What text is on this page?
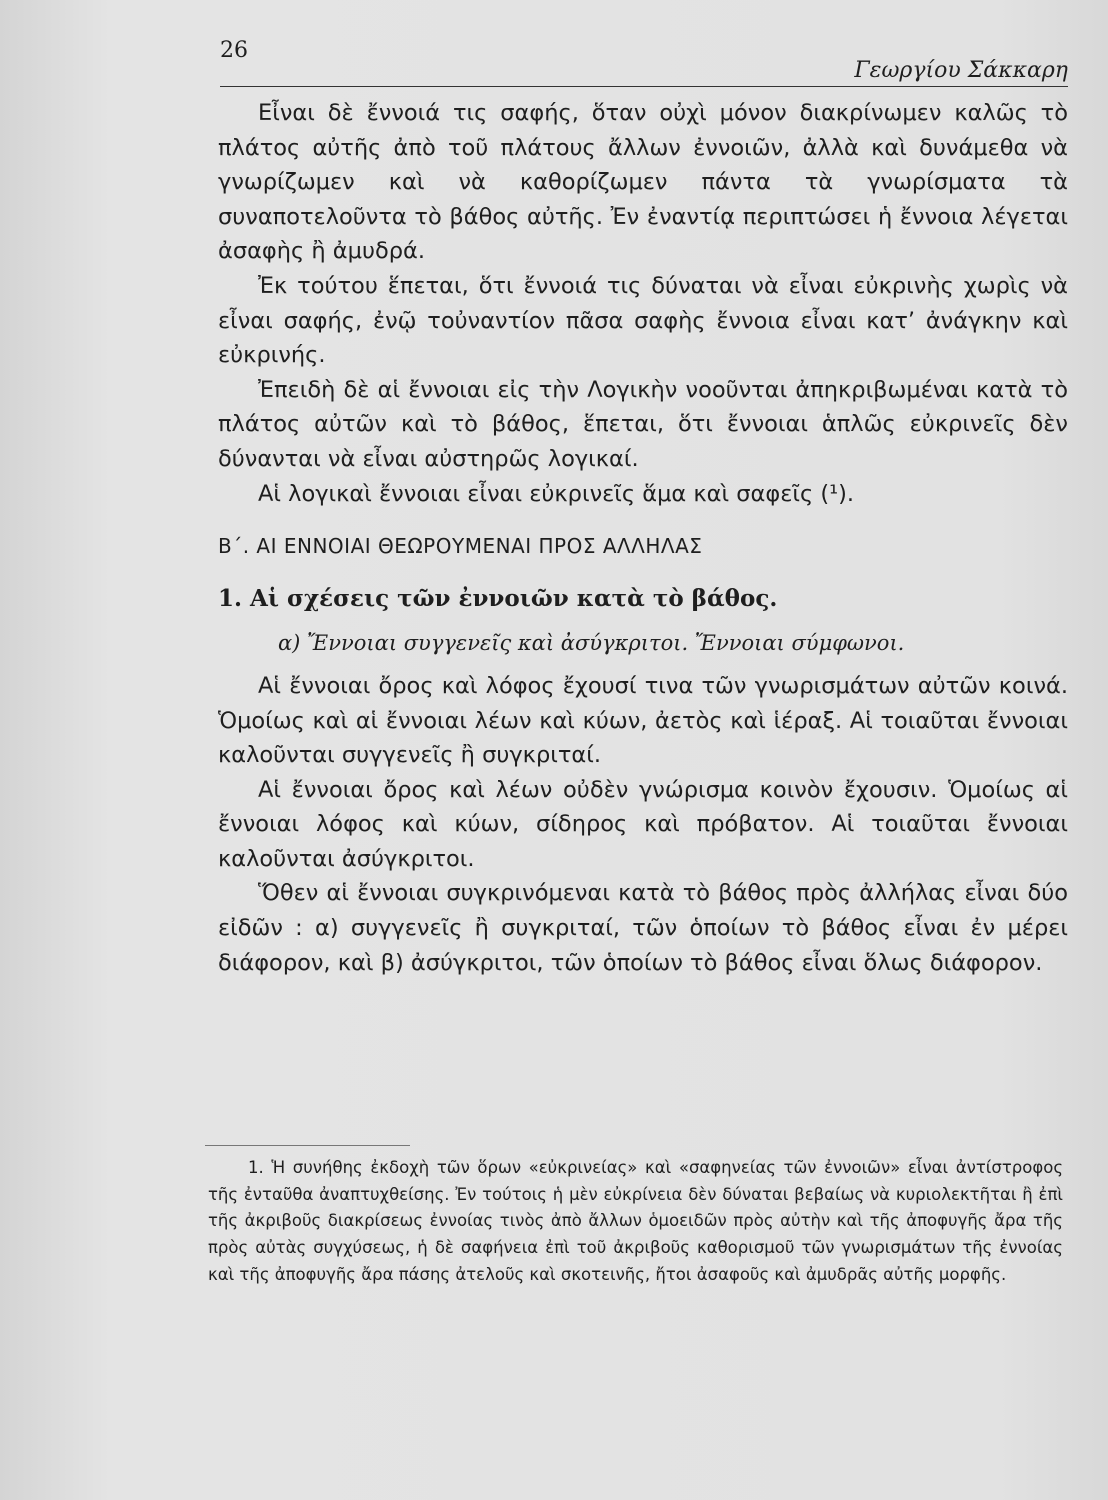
26
Γεωργίου Σάκκαρη

Εἶναι δὲ ἔννοιά τις σαφής, ὅταν οὐχὶ μόνον διακρίνωμεν καλῶς τὸ πλάτος αὐτῆς ἀπὸ τοῦ πλάτους ἄλλων ἐννοιῶν, ἀλλὰ καὶ δυνάμεθα νὰ γνωρίζωμεν καὶ νὰ καθορίζωμεν πάντα τὰ γνωρίσματα τὰ συναποτελοῦντα τὸ βάθος αὐτῆς. Ἐν ἐναντίᾳ περιπτώσει ἡ ἔννοια λέγεται ἀσαφὴς ἢ ἀμυδρά.

Ἐκ τούτου ἕπεται, ὅτι ἔννοιά τις δύναται νὰ εἶναι εὐκρινὴς χωρὶς νὰ εἶναι σαφής, ἐνῷ τοὐναντίον πᾶσα σαφὴς ἔννοια εἶναι κατ’ ἀνάγκην καὶ εὐκρινής.

Ἐπειδὴ δὲ αἱ ἔννοιαι εἰς τὴν Λογικὴν νοοῦνται ἀπηκριβωμέναι κατὰ τὸ πλάτος αὐτῶν καὶ τὸ βάθος, ἕπεται, ὅτι ἔννοιαι ἁπλῶς εὐκρινεῖς δὲν δύνανται νὰ εἶναι αὐστηρῶς λογικαί.

Αἱ λογικαὶ ἔννοιαι εἶναι εὐκρινεῖς ἅμα καὶ σαφεῖς (¹).

Β΄. ΑΙ ΕΝΝΟΙΑΙ ΘΕΩΡΟΥΜΕΝΑΙ ΠΡΟΣ ΑΛΛΗΛΑΣ

1. Αἱ σχέσεις τῶν ἐννοιῶν κατὰ τὸ βάθος.

α) Ἔννοιαι συγγενεῖς καὶ ἀσύγκριτοι. Ἔννοιαι σύμφωνοι.

Αἱ ἔννοιαι ὄρος καὶ λόφος ἔχουσί τινα τῶν γνωρισμάτων αὐτῶν κοινά. Ὁμοίως καὶ αἱ ἔννοιαι λέων καὶ κύων, ἀετὸς καὶ ἱέραξ. Αἱ τοιαῦται ἔννοιαι καλοῦνται συγγενεῖς ἢ συγκριταί.

Αἱ ἔννοιαι ὄρος καὶ λέων οὐδὲν γνώρισμα κοινὸν ἔχουσιν. Ὁμοίως αἱ ἔννοιαι λόφος καὶ κύων, σίδηρος καὶ πρόβατον. Αἱ τοιαῦται ἔννοιαι καλοῦνται ἀσύγκριτοι.

Ὅθεν αἱ ἔννοιαι συγκρινόμεναι κατὰ τὸ βάθος πρὸς ἀλλήλας εἶναι δύο εἰδῶν : α) συγγενεῖς ἢ συγκριταί, τῶν ὁποίων τὸ βάθος εἶναι ἐν μέρει διάφορον, καὶ β) ἀσύγκριτοι, τῶν ὁποίων τὸ βάθος εἶναι ὅλως διάφορον.

1. Ἡ συνήθης ἐκδοχὴ τῶν ὅρων «εὐκρινείας» καὶ «σαφηνείας τῶν ἐννοιῶν» εἶναι ἀντίστροφος τῆς ἐνταῦθα ἀναπτυχθείσης. Ἐν τούτοις ἡ μὲν εὐκρίνεια δὲν δύναται βεβαίως νὰ κυριολεκτῆται ἢ ἐπὶ τῆς ἀκριβοῦς διακρίσεως ἐννοίας τινὸς ἀπὸ ἄλλων ὁμοειδῶν πρὸς αὐτὴν καὶ τῆς ἀποφυγῆς ἄρα τῆς πρὸς αὐτὰς συγχύσεως, ἡ δὲ σαφήνεια ἐπὶ τοῦ ἀκριβοῦς καθορισμοῦ τῶν γνωρισμάτων τῆς ἐννοίας καὶ τῆς ἀποφυγῆς ἄρα πάσης ἀτελοῦς καὶ σκοτεινῆς, ἤτοι ἀσαφοῦς καὶ ἀμυδρᾶς αὐτῆς μορφῆς.
